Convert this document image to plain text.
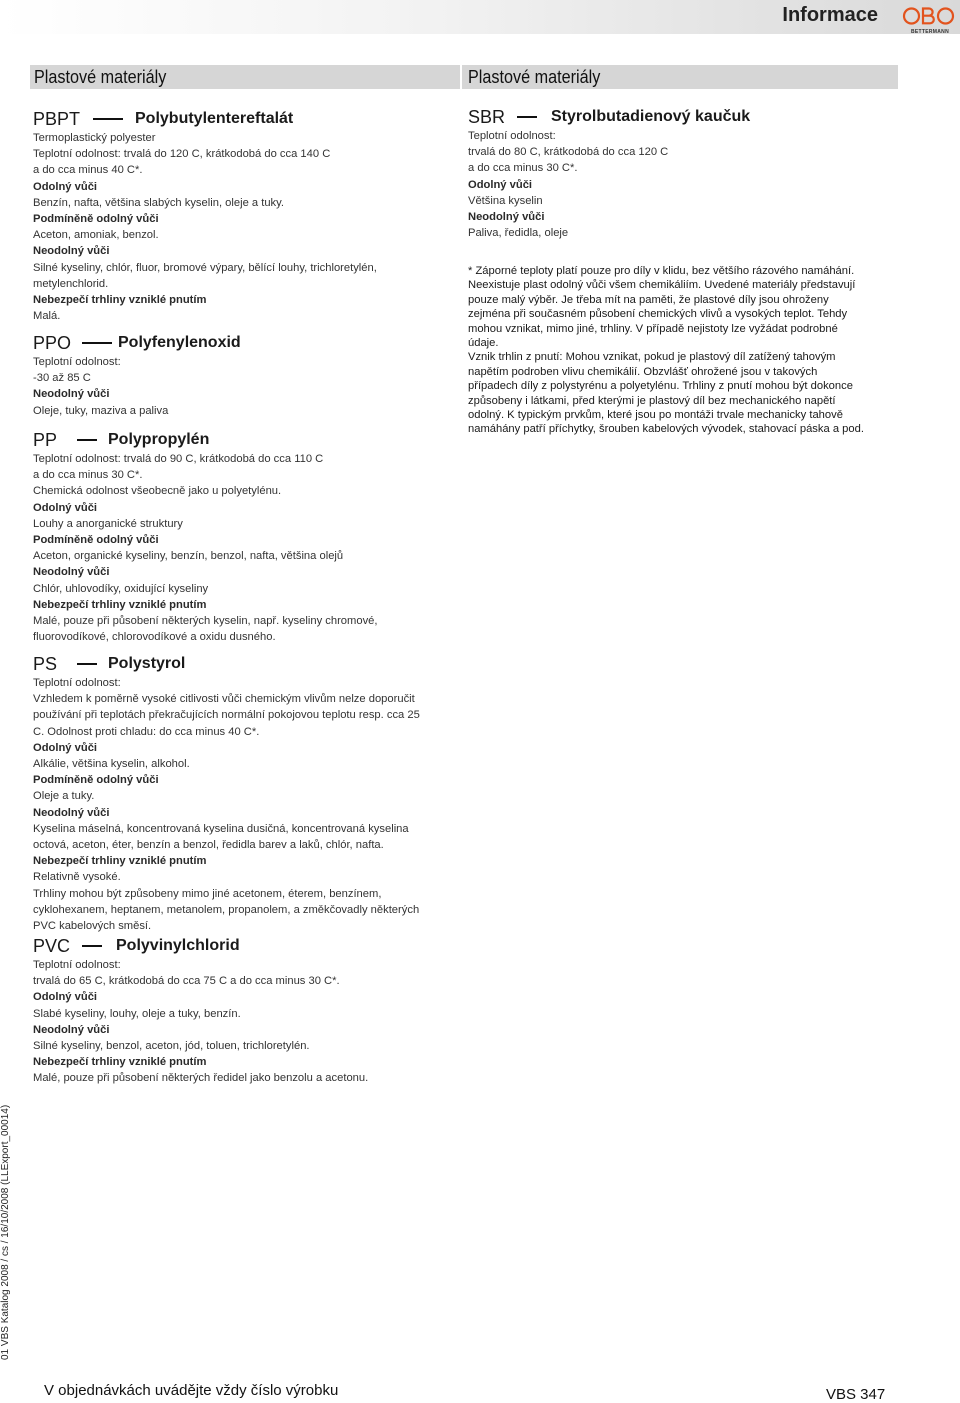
Informace
BETTERMANN
Plastové materiály	Plastové materiály
PBPT	Polybutylentereftalát
Termoplastický polyester
Teplotní odolnost: trvalá do 120 C, krátkodobá do cca 140 C
a do cca minus 40 C*.
Odolný vůči
Benzín, nafta, většina slabých kyselin, oleje a tuky.
Podmíněně odolný vůči
Aceton, amoniak, benzol.
Neodolný vůči
Silné kyseliny, chlór, fluor, bromové výpary, bělící louhy, trichloretylén, metylenchlorid.
Nebezpečí trhliny vzniklé pnutím
Malá.
PPO	Polyfenylenoxid
Teplotní odolnost:
-30 až 85 C
Neodolný vůči
Oleje, tuky, maziva a paliva
PP	Polypropylén
Teplotní odolnost: trvalá do 90 C, krátkodobá do cca 110 C
a do cca minus 30 C*.
Chemická odolnost všeobecně jako u polyetylénu.
Odolný vůči
Louhy a anorganické struktury
Podmíněně odolný vůči
Aceton, organické kyseliny, benzín, benzol, nafta, většina olejů
Neodolný vůči
Chlór, uhlovodíky, oxidující kyseliny
Nebezpečí trhliny vzniklé pnutím
Malé, pouze při působení některých kyselin, např. kyseliny chromové, fluorovodíkové, chlorovodíkové a oxidu dusného.
PS	Polystyrol
Teplotní odolnost:
Vzhledem k poměrně vysoké citlivosti vůči chemickým vlivům nelze doporučit používání při teplotách překračujících normální pokojovou teplotu resp. cca 25 C. Odolnost proti chladu: do cca minus 40 C*.
Odolný vůči
Alkálie, většina kyselin, alkohol.
Podmíněně odolný vůči
Oleje a tuky.
Neodolný vůči
Kyselina máselná, koncentrovaná kyselina dusičná, koncentrovaná kyselina octová, aceton, éter, benzín a benzol, ředidla barev a laků, chlór, nafta.
Nebezpečí trhliny vzniklé pnutím
Relativně vysoké.
Trhliny mohou být způsobeny mimo jiné acetonem, éterem, benzínem, cyklohexanem, heptanem, metanolem, propanolem, a změkčovadly některých PVC kabelových směsí.
PVC	Polyvinylchlorid
Teplotní odolnost:
trvalá do 65 C, krátkodobá do cca 75 C a do cca minus 30 C*.
Odolný vůči
Slabé kyseliny, louhy, oleje a tuky, benzín.
Neodolný vůči
Silné kyseliny, benzol, aceton, jód, toluen, trichloretylén.
Nebezpečí trhliny vzniklé pnutím
Malé, pouze při působení některých ředidel jako benzolu a acetonu.
SBR	Styrolbutadienový kaučuk
Teplotní odolnost:
trvalá do 80 C, krátkodobá do cca 120 C
a do cca minus 30 C*.
Odolný vůči
Většina kyselin
Neodolný vůči
Paliva, ředidla, oleje
* Záporné teploty platí pouze pro díly v klidu, bez většího rázového namáhání.
Neexistuje plast odolný vůči všem chemikáliím. Uvedené materiály představují pouze malý výběr. Je třeba mít na paměti, že plastové díly jsou ohroženy zejména při současném působení chemických vlivů a vysokých teplot. Tehdy mohou vznikat, mimo jiné, trhliny. V případě nejistoty lze vyžádat podrobné údaje.
Vznik trhlin z pnutí: Mohou vznikat, pokud je plastový díl zatížený tahovým napětím podroben vlivu chemikálií. Obzvlášť ohrožené jsou v takových případech díly z polystyrénu a polyetylénu. Trhliny z pnutí mohou být dokonce způsobeny i látkami, před kterými je plastový díl bez mechanického napětí odolný. K typickým prvkům, které jsou po montáži trvale mechanicky tahově namáhány patří příchytky, šrouben kabelových vývodek, stahovací páska a pod.
V objednávkách uvádějte vždy číslo výrobku	VBS 347
01 VBS Katalog 2008 / cs / 16/10/2008 (LLExport_00014)
